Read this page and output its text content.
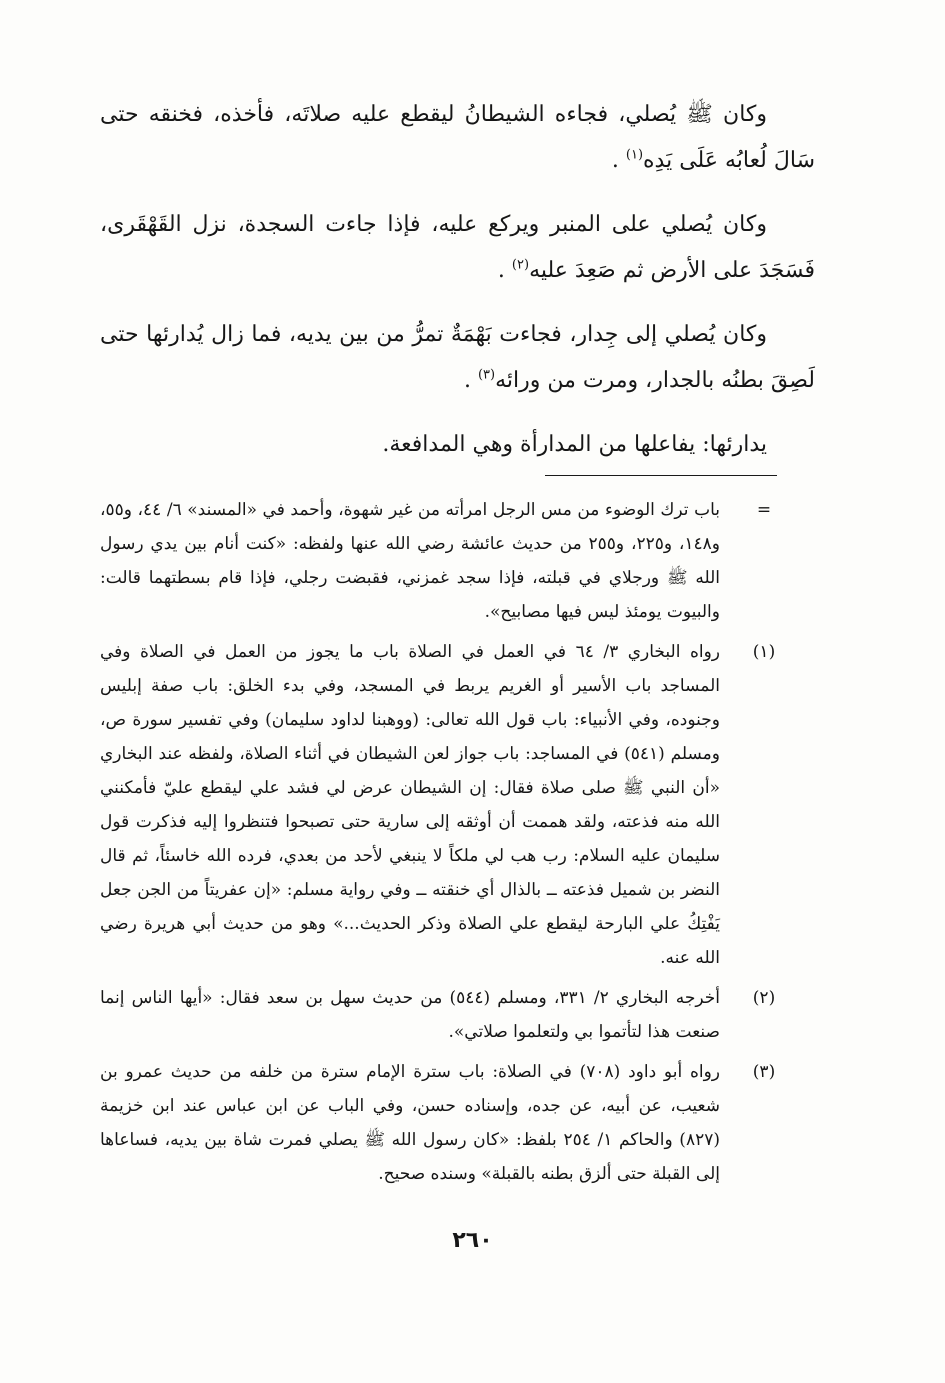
وكان ﷺ يُصلي، فجاءه الشيطانُ ليقطع عليه صلاتَه، فأخذه، فخنقه حتى سَالَ لُعابُه عَلَى يَدِه$^{(١)}$ .

وكان يُصلي على المنبر ويركع عليه، فإذا جاءت السجدة، نزل القَهْقَرى، فَسَجَدَ على الأرض ثم صَعِدَ عليه$^{(٢)}$ .

وكان يُصلي إلى جِدار، فجاءت بَهْمَةٌ تمرُّ من بين يديه، فما زال يُدارئها حتى لَصِقَ بطنُه بالجدار، ومرت من ورائه$^{(٣)}$ .

يدارئها: يفاعلها من المدارأة وهي المدافعة.

=
باب ترك الوضوء من مس الرجل امرأته من غير شهوة، وأحمد في «المسند» ٦/ ٤٤، و٥٥، و١٤٨، و٢٢٥، و٢٥٥ من حديث عائشة رضي الله عنها ولفظه: «كنت أنام بين يدي رسول الله ﷺ ورجلاي في قبلته، فإذا سجد غمزني، فقبضت رجلي، فإذا قام بسطتهما قالت: والبيوت يومئذ ليس فيها مصابيح».
(١)
رواه البخاري ٣/ ٦٤ في العمل في الصلاة باب ما يجوز من العمل في الصلاة وفي المساجد باب الأسير أو الغريم يربط في المسجد، وفي بدء الخلق: باب صفة إبليس وجنوده، وفي الأنبياء: باب قول الله تعالى: (ووهبنا لداود سليمان) وفي تفسير سورة ص، ومسلم (٥٤١) في المساجد: باب جواز لعن الشيطان في أثناء الصلاة، ولفظه عند البخاري «أن النبي ﷺ صلى صلاة فقال: إن الشيطان عرض لي فشد علي ليقطع عليّ فأمكنني الله منه فذعته، ولقد هممت أن أوثقه إلى سارية حتى تصبحوا فتنظروا إليه فذكرت قول سليمان عليه السلام: رب هب لي ملكاً لا ينبغي لأحد من بعدي، فرده الله خاسئاً، ثم قال النضر بن شميل فذعته ــ بالذال أي خنقته ــ وفي رواية مسلم: «إن عفريتاً من الجن جعل يَفْتِكُ علي البارحة ليقطع علي الصلاة وذكر الحديث...» وهو من حديث أبي هريرة رضي الله عنه.
(٢)
أخرجه البخاري ٢/ ٣٣١، ومسلم (٥٤٤) من حديث سهل بن سعد فقال: «أيها الناس إنما صنعت هذا لتأتموا بي ولتعلموا صلاتي».
(٣)
رواه أبو داود (٧٠٨) في الصلاة: باب سترة الإمام سترة من خلفه من حديث عمرو بن شعيب، عن أبيه، عن جده، وإسناده حسن، وفي الباب عن ابن عباس عند ابن خزيمة (٨٢٧) والحاكم ١/ ٢٥٤ بلفظ: «كان رسول الله ﷺ يصلي فمرت شاة بين يديه، فساعاها إلى القبلة حتى ألزق بطنه بالقبلة» وسنده صحيح.
٢٦٠
